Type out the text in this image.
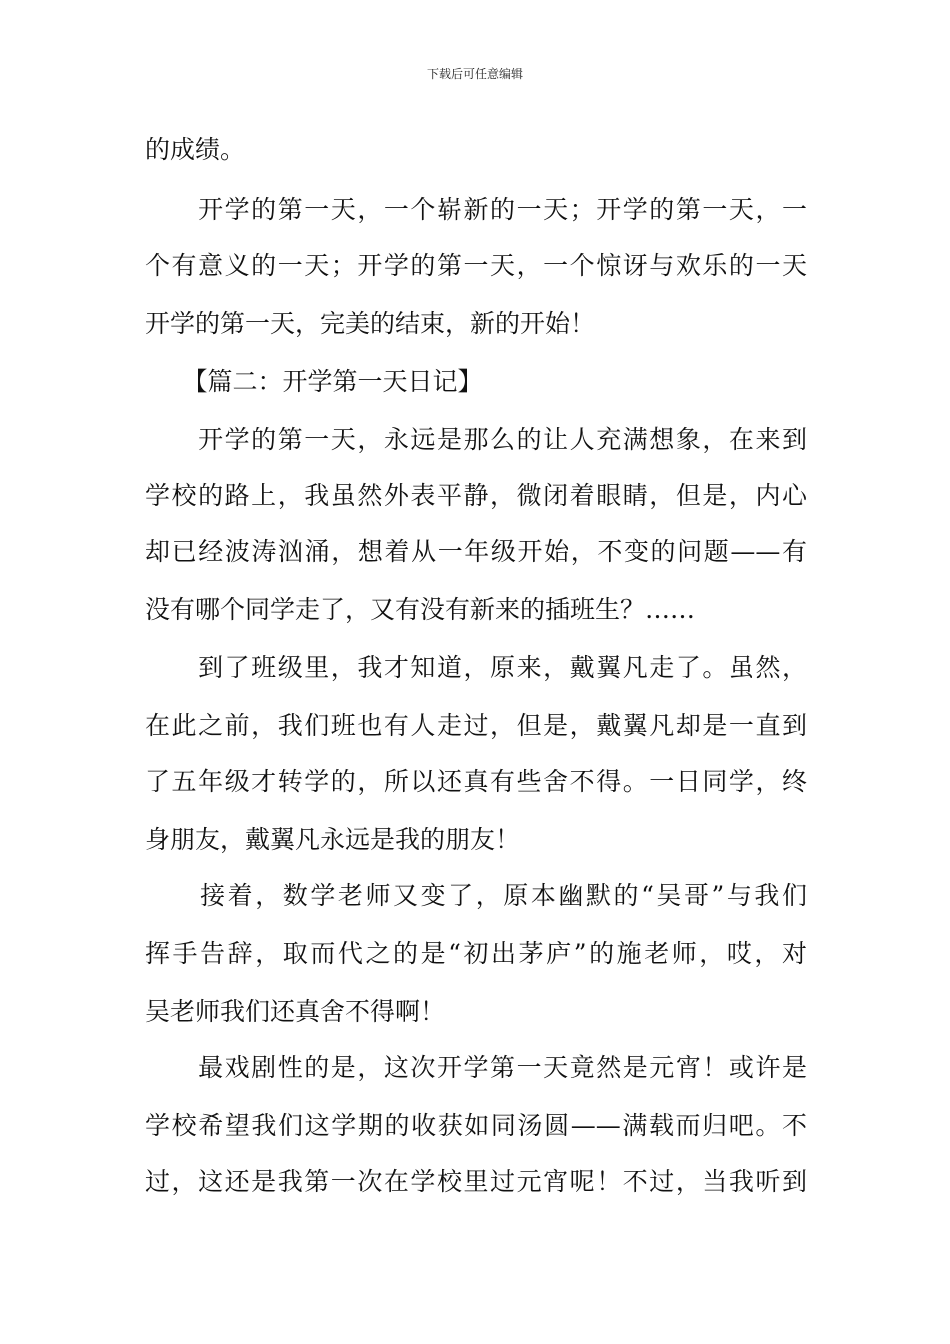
下载后可任意编辑
的成绩。
　　开学的第一天，一个崭新的一天；开学的第一天，一
个有意义的一天；开学的第一天，一个惊讶与欢乐的一天
开学的第一天，完美的结束，新的开始！
　　【篇二：开学第一天日记】
　　开学的第一天，永远是那么的让人充满想象，在来到
学校的路上，我虽然外表平静，微闭着眼睛，但是，内心
却已经波涛汹涌，想着从一年级开始，不变的问题——有
没有哪个同学走了，又有没有新来的插班生？……
　　到了班级里，我才知道，原来，戴翼凡走了。虽然，
在此之前，我们班也有人走过，但是，戴翼凡却是一直到
了五年级才转学的，所以还真有些舍不得。一日同学，终
身朋友，戴翼凡永远是我的朋友！
　　接着，数学老师又变了，原本幽默的“吴哥”与我们
挥手告辞，取而代之的是“初出茅庐”的施老师，哎，对
吴老师我们还真舍不得啊！
　　最戏剧性的是，这次开学第一天竟然是元宵！或许是
学校希望我们这学期的收获如同汤圆——满载而归吧。不
过，这还是我第一次在学校里过元宵呢！不过，当我听到
